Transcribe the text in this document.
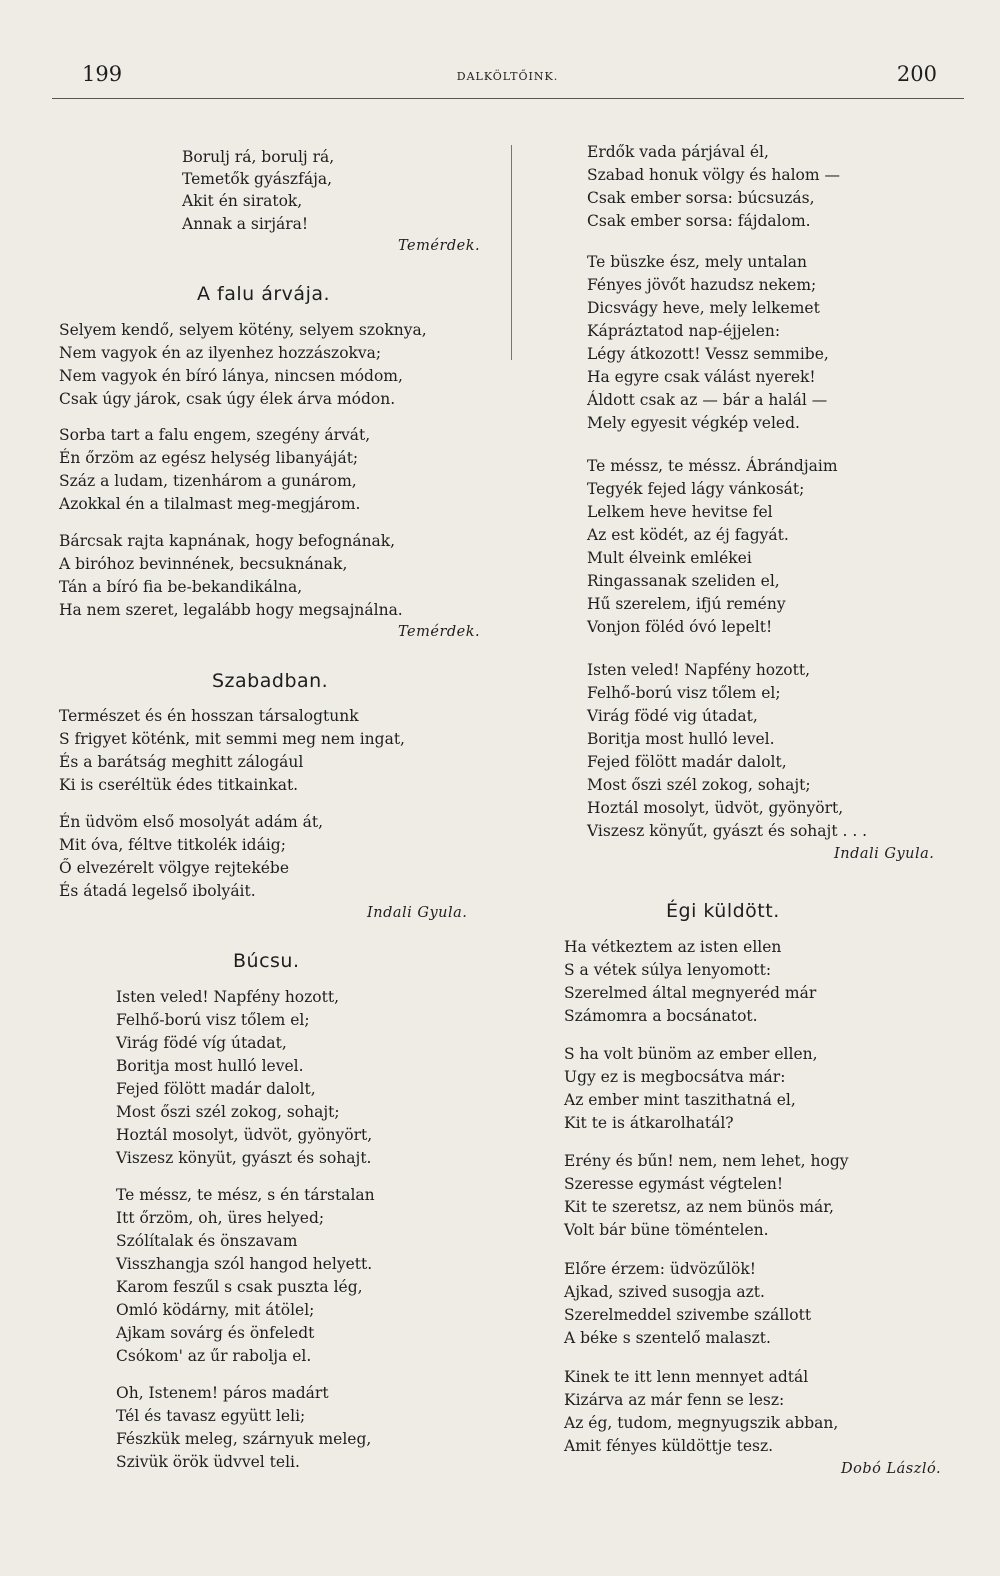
199	DALKÖLTŐINK.	200
Borulj rá, borulj rá,
Temetők gyászfája,
Akit én siratok,
Annak a sirjára!
Temérdek.
A falu árvája.
Selyem kendő, selyem kötény, selyem szoknya,
Nem vagyok én az ilyenhez hozzászokva;
Nem vagyok én bíró lánya, nincsen módom,
Csak úgy járok, csak úgy élek árva módon.
Sorba tart a falu engem, szegény árvát,
Én őrzöm az egész helység libanyáját;
Száz a ludam, tizenhárom a gunárom,
Azokkal én a tilalmast meg-megjárom.
Bárcsak rajta kapnának, hogy befognának,
A biróhoz bevinnének, becsuknának,
Tán a bíró fia be-bekandikálna,
Ha nem szeret, legalább hogy megsajnálna.
Temérdek.
Szabadban.
Természet és én hosszan társalogtunk
S frigyet köténk, mit semmi meg nem ingat,
És a barátság meghitt zálogául
Ki is cseréltük édes titkainkat.
Én üdvöm első mosolyát adám át,
Mit óva, féltve titkolék idáig;
Ő elvezérelt völgye rejtekébe
És átadá legelső ibolyáit.
Indali Gyula.
Búcsu.
Isten veled! Napfény hozott,
Felhő-ború visz tőlem el;
Virág födé víg útadat,
Boritja most hulló level.
Fejed fölött madár dalolt,
Most őszi szél zokog, sohajt;
Hoztál mosolyt, üdvöt, gyönyört,
Viszesz könyüt, gyászt és sohajt.
Te méssz, te mész, s én társtalan
Itt őrzöm, oh, üres helyed;
Szólítalak és önszavam
Visszhangja szól hangod helyett.
Karom feszűl s csak puszta lég,
Omló ködárny, mit átölel;
Ajkam sovárg és önfeledt
Csókom' az űr rabolja el.
Oh, Istenem! páros madárt
Tél és tavasz együtt leli;
Fészkük meleg, szárnyuk meleg,
Szivük örök üdvvel teli.
Erdők vada párjával él,
Szabad honuk völgy és halom —
Csak ember sorsa: búcsuzás,
Csak ember sorsa: fájdalom.
Te büszke ész, mely untalan
Fényes jövőt hazudsz nekem;
Dicsvágy heve, mely lelkemet
Kápráztatod nap-éjjelen:
Légy átkozott! Vessz semmibe,
Ha egyre csak válást nyerek!
Áldott csak az — bár a halál —
Mely egyesit végkép veled.
Te méssz, te méssz. Ábrándjaim
Tegyék fejed lágy vánkosát;
Lelkem heve hevitse fel
Az est ködét, az éj fagyát.
Mult élveink emlékei
Ringassanak szeliden el,
Hű szerelem, ifjú remény
Vonjon föléd óvó lepelt!
Isten veled! Napfény hozott,
Felhő-ború visz tőlem el;
Virág födé vig útadat,
Boritja most hulló level.
Fejed fölött madár dalolt,
Most őszi szél zokog, sohajt;
Hoztál mosolyt, üdvöt, gyönyört,
Viszesz könyűt, gyászt és sohajt . . .
Indali Gyula.
Égi küldött.
Ha vétkeztem az isten ellen
S a vétek súlya lenyomott:
Szerelmed által megnyeréd már
Számomra a bocsánatot.
S ha volt bünöm az ember ellen,
Ugy ez is megbocsátva már:
Az ember mint taszithatná el,
Kit te is átkarolhatál?
Erény és bűn! nem, nem lehet, hogy
Szeresse egymást végtelen!
Kit te szeretsz, az nem bünös már,
Volt bár büne töméntelen.
Előre érzem: üdvözűlök!
Ajkad, szived susogja azt.
Szerelmeddel szivembe szállott
A béke s szentelő malaszt.
Kinek te itt lenn mennyet adtál
Kizárva az már fenn se lesz:
Az ég, tudom, megnyugszik abban,
Amit fényes küldöttje tesz.
Dobó László.
